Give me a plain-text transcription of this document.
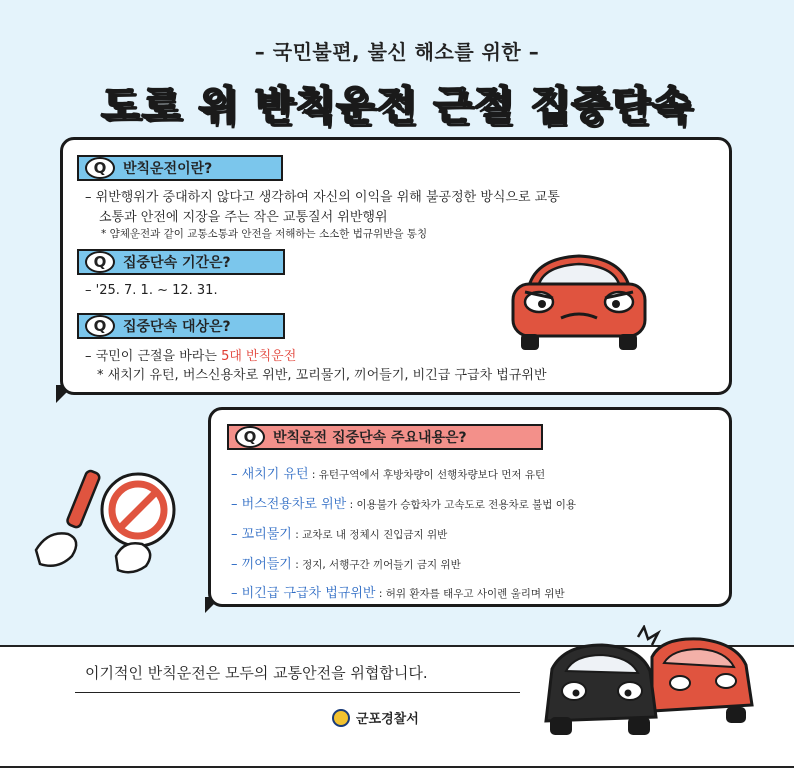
– 국민불편, 불신 해소를 위한 –
도로 위 반칙운전 근절 집중단속
Q	반칙운전이란?
– 위반행위가 중대하지 않다고 생각하여 자신의 이익을 위해 불공정한 방식으로 교통
소통과 안전에 지장을 주는 작은 교통질서 위반행위
* 얌체운전과 같이 교통소통과 안전을 저해하는 소소한 법규위반을 통칭
Q	집중단속 기간은?
– '25. 7. 1. ~ 12. 31.
Q	집중단속 대상은?
– 국민이 근절을 바라는 5대 반칙운전
* 새치기 유턴, 버스신용차로 위반, 꼬리물기, 끼어들기, 비긴급 구급차 법규위반
Q	반칙운전 집중단속 주요내용은?
– 새치기 유턴 : 유턴구역에서 후방차량이 선행차량보다 먼저 유턴
– 버스전용차로 위반 : 이용불가 승합차가 고속도로 전용차로 불법 이용
– 꼬리물기 : 교차로 내 정체시 진입금지 위반
– 끼어들기 : 정지, 서행구간 끼어들기 금지 위반
– 비긴급 구급차 법규위반 : 허위 환자를 태우고 사이렌 울리며 위반
이기적인 반칙운전은 모두의 교통안전을 위협합니다.
군포경찰서
